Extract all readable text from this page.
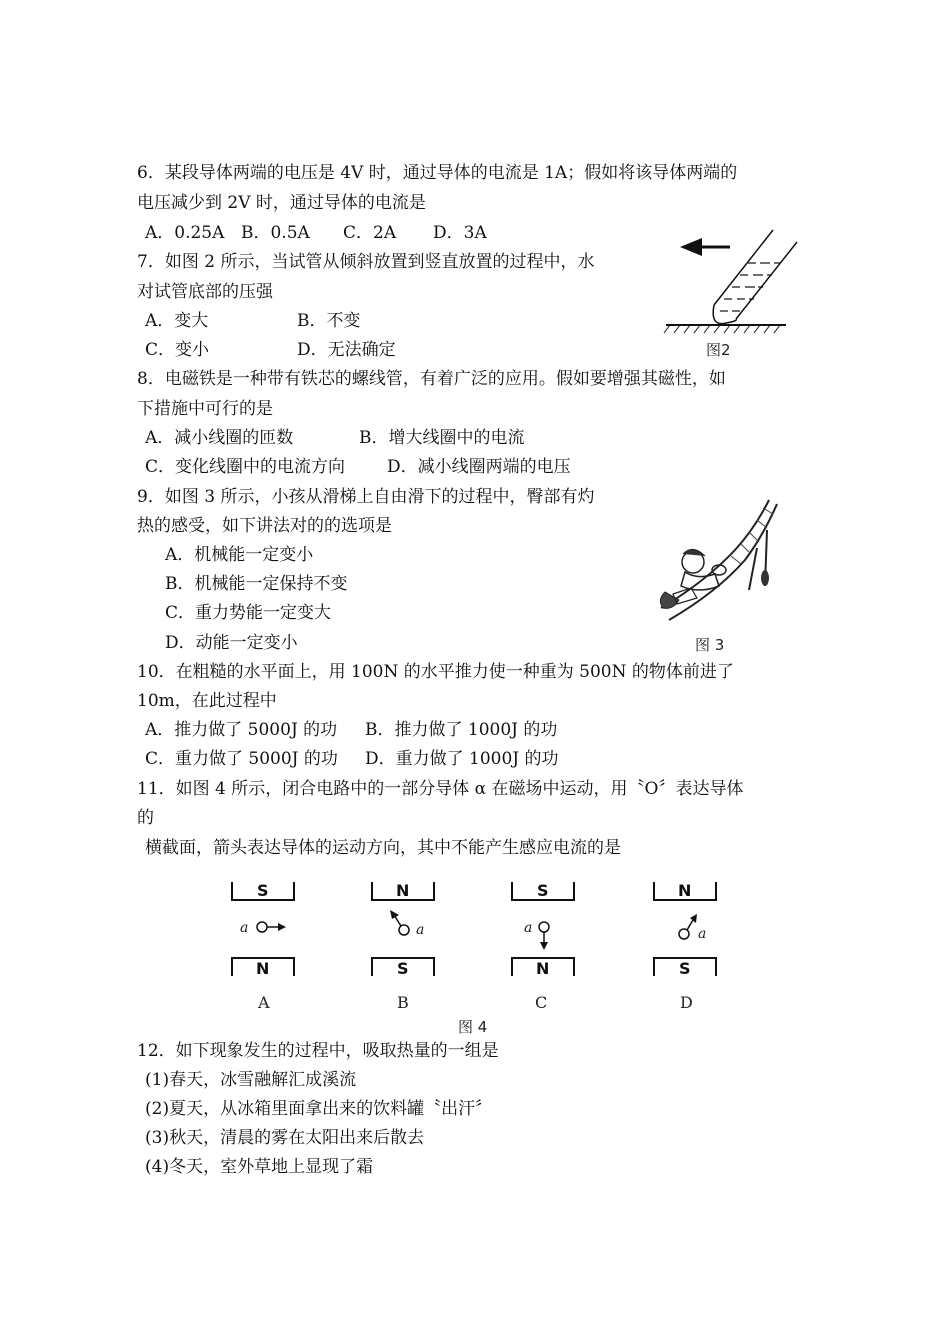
6．某段导体两端的电压是 4V 时，通过导体的电流是 1A；假如将该导体两端的
电压减少到 2V 时，通过导体的电流是
A．0.25A B．0.5A C．2A D．3A
7．如图 2 所示，当试管从倾斜放置到竖直放置的过程中，水
对试管底部的压强
A．变大	B．不变
C．变小	D．无法确定	图2
8．电磁铁是一种带有铁芯的螺线管，有着广泛的应用。假如要增强其磁性，如
下措施中可行的是
A．减小线圈的匝数	B．增大线圈中的电流
C．变化线圈中的电流方向 D．减小线圈两端的电压
9．如图 3 所示，小孩从滑梯上自由滑下的过程中，臀部有灼
热的感受，如下讲法对的的选项是
A．机械能一定变小
B．机械能一定保持不变
C．重力势能一定变大
D．动能一定变小	图 3
10．在粗糙的水平面上，用 100N 的水平推力使一种重为 500N 的物体前进了
10m，在此过程中
A．推力做了 5000J 的功 B．推力做了 1000J 的功
C．重力做了 5000J 的功 D．重力做了 1000J 的功
11．如图 4 所示，闭合电路中的一部分导体 α 在磁场中运动，用〝O〞表达导体
的
横截面，箭头表达导体的运动方向，其中不能产生感应电流的是
S
a
N
A
N
a
S
B
S
a
N
C
N
a
S
D
图 4
12．如下现象发生的过程中，吸取热量的一组是
(1)春天，冰雪融解汇成溪流
(2)夏天，从冰箱里面拿出来的饮料罐〝出汗〞
(3)秋天，清晨的雾在太阳出来后散去
(4)冬天，室外草地上显现了霜
